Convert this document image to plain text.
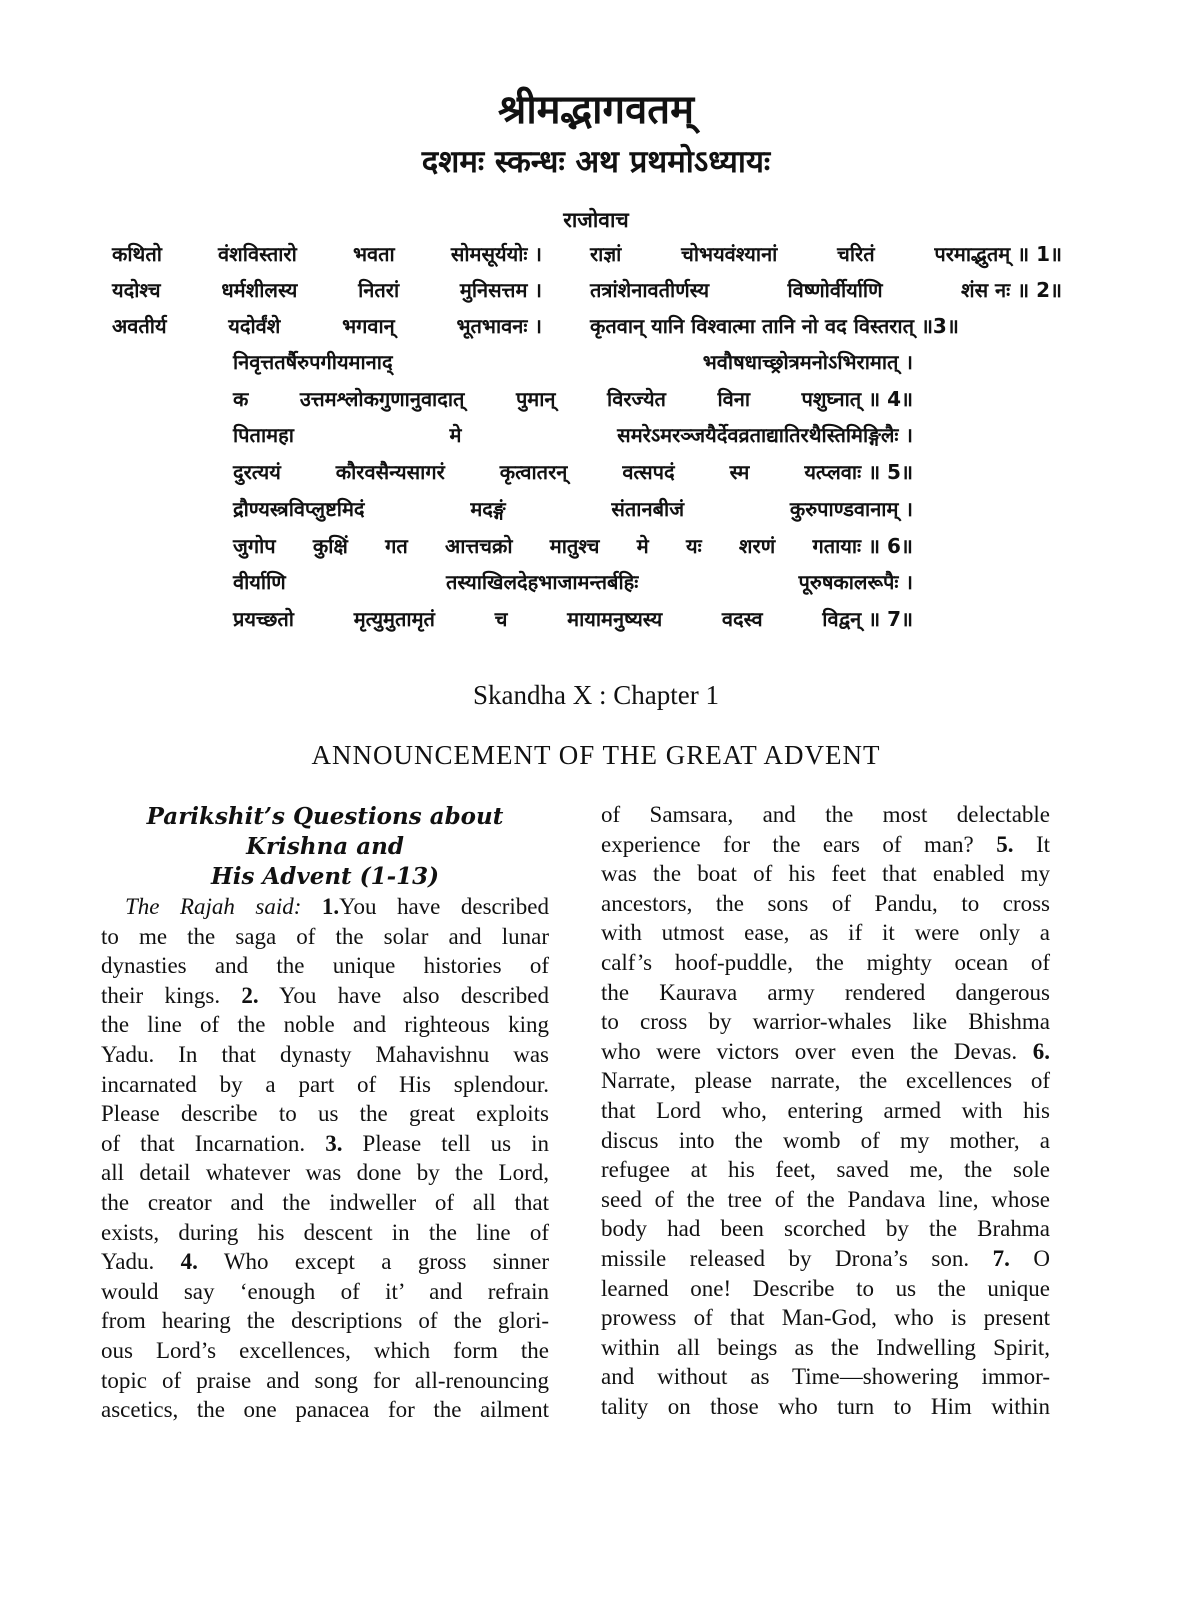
श्रीमद्भागवतम्
दशमः स्कन्धः अथ प्रथमोऽध्यायः
राजोवाच
कथितो	वंशविस्तारो	भवता	सोमसूर्ययोः । राज्ञां	चोभयवंश्यानां	चरितं	परमाद्भुतम् ॥ 1॥
यदोश्च	धर्मशीलस्य	नितरां	मुनिसत्तम । तत्रांशेनावतीर्णस्य	विष्णोर्वीर्याणि	शंस नः ॥ 2॥
अवतीर्य	यदोर्वंशे	भगवान्	भूतभावनः । कृतवान् यानि विश्वात्मा तानि नो वद विस्तरात् ॥3॥
निवृत्ततर्षैरुपगीयमानाद्	भवौषधाच्छ्रोत्रमनोऽभिरामात् ।
क	उत्तमश्लोकगुणानुवादात्	पुमान्	विरज्येत	विना	पशुघ्नात् ॥ 4॥
पितामहा	मे	समरेऽमरञ्जयैर्देवव्रताद्यातिरथैस्तिमिङ्गिलैः ।
दुरत्ययं	कौरवसैन्यसागरं	कृत्वातरन्	वत्सपदं	स्म	यत्प्लवाः ॥ 5॥
द्रौण्यस्त्रविप्लुष्टमिदं	मदङ्गं	संतानबीजं	कुरुपाण्डवानाम् ।
जुगोप कुक्षिं गत आत्तचक्रो मातुश्च मे यः शरणं गतायाः ॥ 6॥
वीर्याणि	तस्याखिलदेहभाजामन्तर्बहिः	पूरुषकालरूपैः ।
प्रयच्छतो	मृत्युमुतामृतं	च	मायामनुष्यस्य	वदस्व	विद्वन् ॥ 7॥
Skandha X : Chapter 1
ANNOUNCEMENT OF THE GREAT ADVENT
Parikshit’s Questions about Krishna and
His Advent (1-13)
The Rajah said: 1.You have described
to me the saga of the solar and lunar
dynasties and the unique histories of
their kings. 2. You have also described
the line of the noble and righteous king
Yadu. In that dynasty Mahavishnu was
incarnated by a part of His splendour.
Please describe to us the great exploits
of that Incarnation. 3. Please tell us in
all detail whatever was done by the Lord,
the creator and the indweller of all that
exists, during his descent in the line of
Yadu. 4. Who except a gross sinner
would say ‘enough of it’ and refrain
from hearing the descriptions of the glori-
ous Lord’s excellences, which form the
topic of praise and song for all-renouncing
ascetics, the one panacea for the ailment
of Samsara, and the most delectable
experience for the ears of man? 5. It
was the boat of his feet that enabled my
ancestors, the sons of Pandu, to cross
with utmost ease, as if it were only a
calf’s hoof-puddle, the mighty ocean of
the Kaurava army rendered dangerous
to cross by warrior-whales like Bhishma
who were victors over even the Devas. 6.
Narrate, please narrate, the excellences of
that Lord who, entering armed with his
discus into the womb of my mother, a
refugee at his feet, saved me, the sole
seed of the tree of the Pandava line, whose
body had been scorched by the Brahma
missile released by Drona’s son. 7. O
learned one! Describe to us the unique
prowess of that Man-God, who is present
within all beings as the Indwelling Spirit,
and without as Time—showering immor-
tality on those who turn to Him within
